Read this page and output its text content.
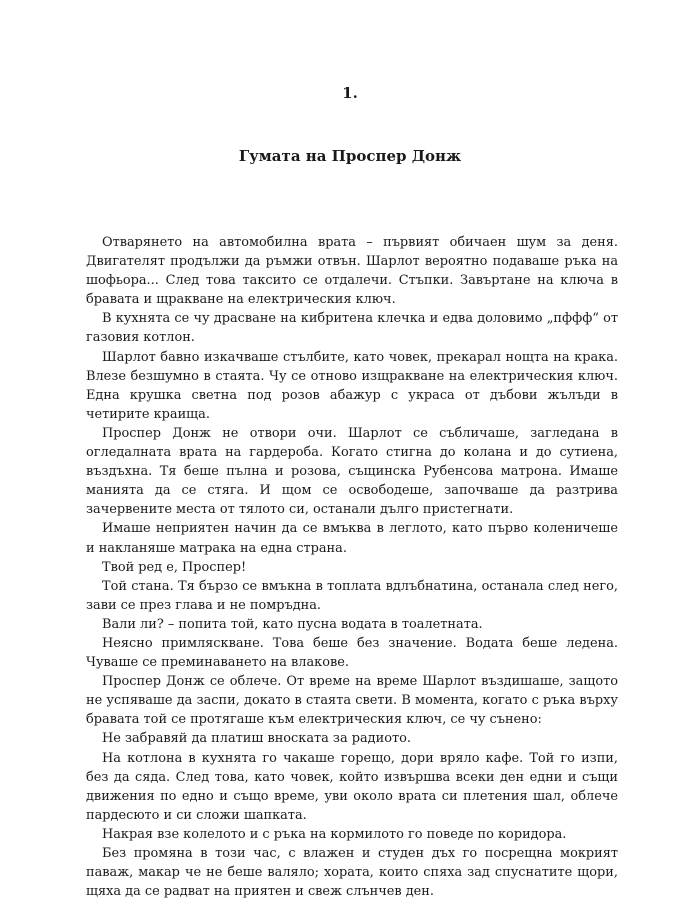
1.
Гумата на Проспер Донж

Отварянето на автомобилна врата – първият обичаен шум за деня. Двигателят продължи да ръмжи отвън. Шарлот вероятно подаваше ръка на шофьора... След това таксито се отдалечи. Стъпки. Завъртане на ключа в бравата и щракване на електрическия ключ.

В кухнята се чу драсване на кибритена клечка и едва доловимо „пффф“ от газовия котлон.

Шарлот бавно изкачваше стълбите, като човек, прекарал нощта на крака. Влезе безшумно в стаята. Чу се отново изщракване на електрическия ключ. Една крушка светна под розов абажур с украса от дъбови жълъди в четирите краища.

Проспер Донж не отвори очи. Шарлот се събличаше, загледана в огледалната врата на гардероба. Когато стигна до колана и до сутиена, въздъхна. Тя беше пълна и розова, същинска Рубенсова матрона. Имаше манията да се стяга. И щом се освободеше, започваше да разтрива зачервените места от тялото си, останали дълго пристегнати.

Имаше неприятен начин да се вмъква в леглото, като първо коленичеше и накланяше матрака на една страна.

Твой ред е, Проспер!

Той стана. Тя бързо се вмъкна в топлата вдлъбнатина, останала след него, зави се през глава и не помръдна.

Вали ли? – попита той, като пусна водата в тоалетната.

Неясно примляскване. Това беше без значение. Водата беше ледена. Чуваше се преминаването на влакове.

Проспер Донж се облече. От време на време Шарлот въздишаше, защото не успяваше да заспи, докато в стаята свети. В момента, когато с ръка върху бравата той се протягаше към електрическия ключ, се чу сънено:

Не забравяй да платиш вноската за радиото.

На котлона в кухнята го чакаше горещо, дори вряло кафе. Той го изпи, без да сяда. След това, като човек, който извършва всеки ден едни и същи движения по едно и също време, уви около врата си плетения шал, облече пардесюто и си сложи шапката.

Накрая взе колелото и с ръка на кормилото го поведе по коридора.

Без промяна в този час, с влажен и студен дъх го посрещна мокрият паваж, макар че не беше валяло; хората, които спяха зад спуснатите щори, щяха да се радват на приятен и свеж слънчев ден.
